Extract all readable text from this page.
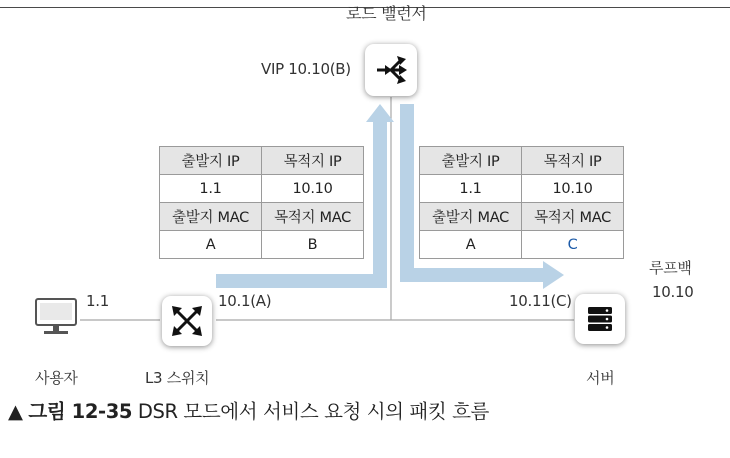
로드 밸런서
VIP 10.10(B)
출발지 IP	목적지 IP
1.1	10.10
출발지 MAC	목적지 MAC
A	B
출발지 IP	목적지 IP
1.1	10.10
출발지 MAC	목적지 MAC
A	C
1.1
사용자
10.1(A)
L3 스위치
10.11(C)
루프백
10.10
서버
▲ 그림 12-35 DSR 모드에서 서비스 요청 시의 패킷 흐름
